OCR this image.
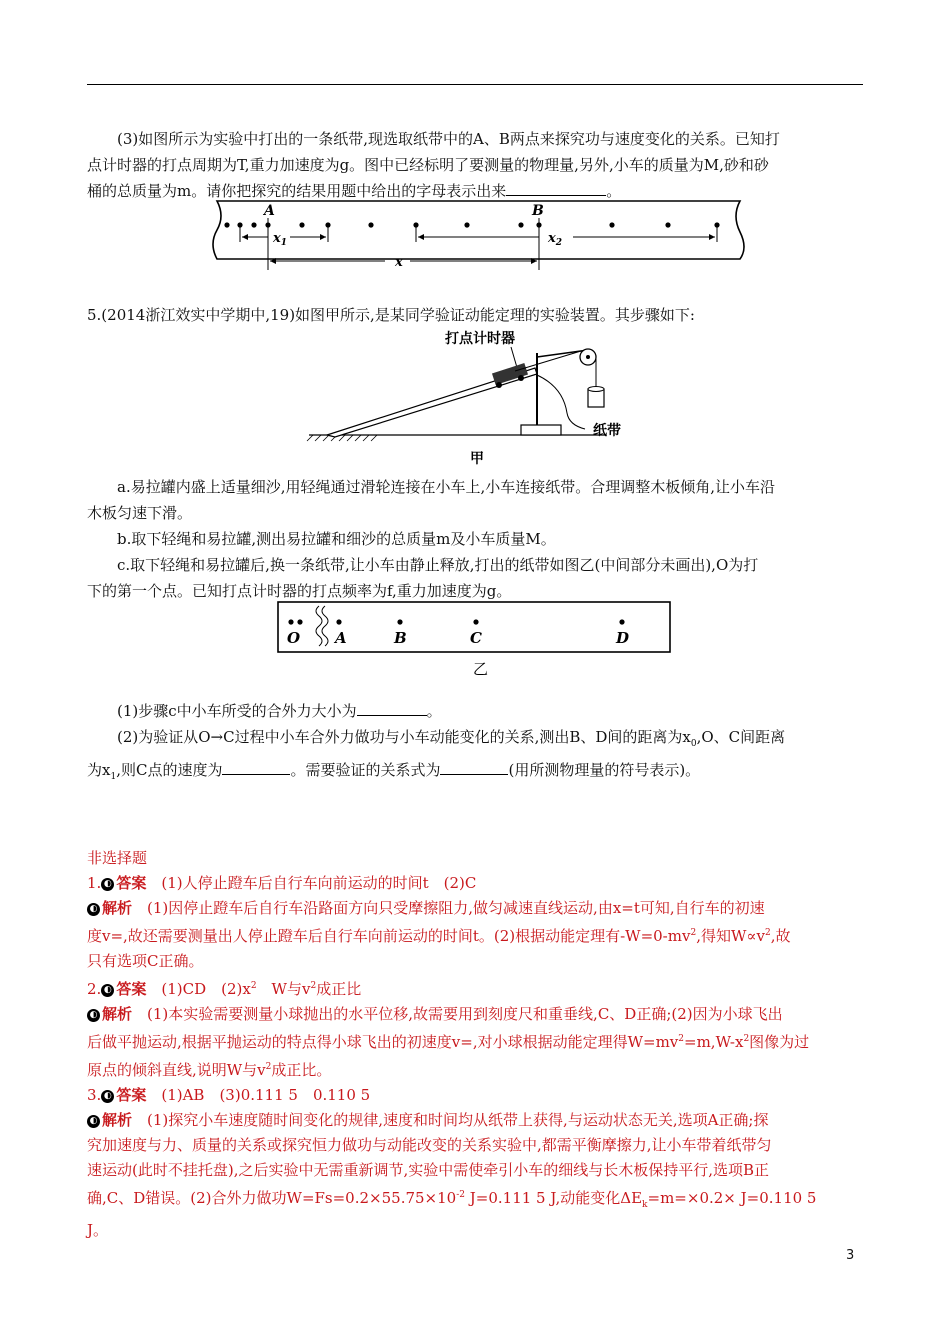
(3)如图所示为实验中打出的一条纸带,现选取纸带中的A、B两点来探究功与速度变化的关系。已知打
点计时器的打点周期为T,重力加速度为g。图中已经标明了要测量的物理量,另外,小车的质量为M,砂和砂
桶的总质量为m。请你把探究的结果用题中给出的字母表示出来	。
A	B
$x_1$	$x_2$
x
5.(2014浙江效实中学期中,19)如图甲所示,是某同学验证动能定理的实验装置。其步骤如下:
打点计时器
纸带
甲
a.易拉罐内盛上适量细沙,用轻绳通过滑轮连接在小车上,小车连接纸带。合理调整木板倾角,让小车沿
木板匀速下滑。
b.取下轻绳和易拉罐,测出易拉罐和细沙的总质量m及小车质量M。
c.取下轻绳和易拉罐后,换一条纸带,让小车由静止释放,打出的纸带如图乙(中间部分未画出),O为打
下的第一个点。已知打点计时器的打点频率为f,重力加速度为g。
O A	B	C	D
乙
(1)步骤c中小车所受的合外力大小为	。
(2)为验证从O→C过程中小车合外力做功与小车动能变化的关系,测出B、D间的距离为$x_0,O$、C间距离
为$x_1$,则C点的速度为	。需要验证的关系式为	(用所测物理量的符号表示)。
非选择题
1. ◐ 答案　 (1)人停止蹬车后自行车向前运动的时间t　(2)C
◐ 解析　 (1)因停止蹬车后自行车沿路面方向只受摩擦阻力,做匀减速直线运动,由x=t可知,自行车的初速
度v=,故还需要测量出人停止蹬车后自行车向前运动的时间t。(2)根据动能定理有$-W=0-mv^2$,得知$W\propto v^2$,故
只有选项C正确。
2. ◐ 答案　 (1)CD　$(2)x^2$　W与$v^2$成正比
◐ 解析　 (1)本实验需要测量小球抛出的水平位移,故需要用到刻度尺和重垂线,C、D正确;(2)因为小球飞出
后做平抛运动,根据平抛运动的特点得小球飞出的初速度v=,对小球根据动能定理得$W=mv^2=m,W-x^2$图像为过
原点的倾斜直线,说明W与$v^2$成正比。
3. ◐ 答案　 (1)AB　(3)0.111 5　0.110 5
◐ 解析　 (1)探究小车速度随时间变化的规律,速度和时间均从纸带上获得,与运动状态无关,选项A正确;探
究加速度与力、质量的关系或探究恒力做功与动能改变的关系实验中,都需平衡摩擦力,让小车带着纸带匀
速运动(此时不挂托盘),之后实验中无需重新调节,实验中需使牵引小车的细线与长木板保持平行,选项B正
确,C、D错误。(2)合外力做功$W=Fs=0.2\times 55.75\times 10^{-2}$ J=0.111 5 J,动能变化$\Delta E_k=m=\times 0.2\times J=0.110$ 5
J。
3
